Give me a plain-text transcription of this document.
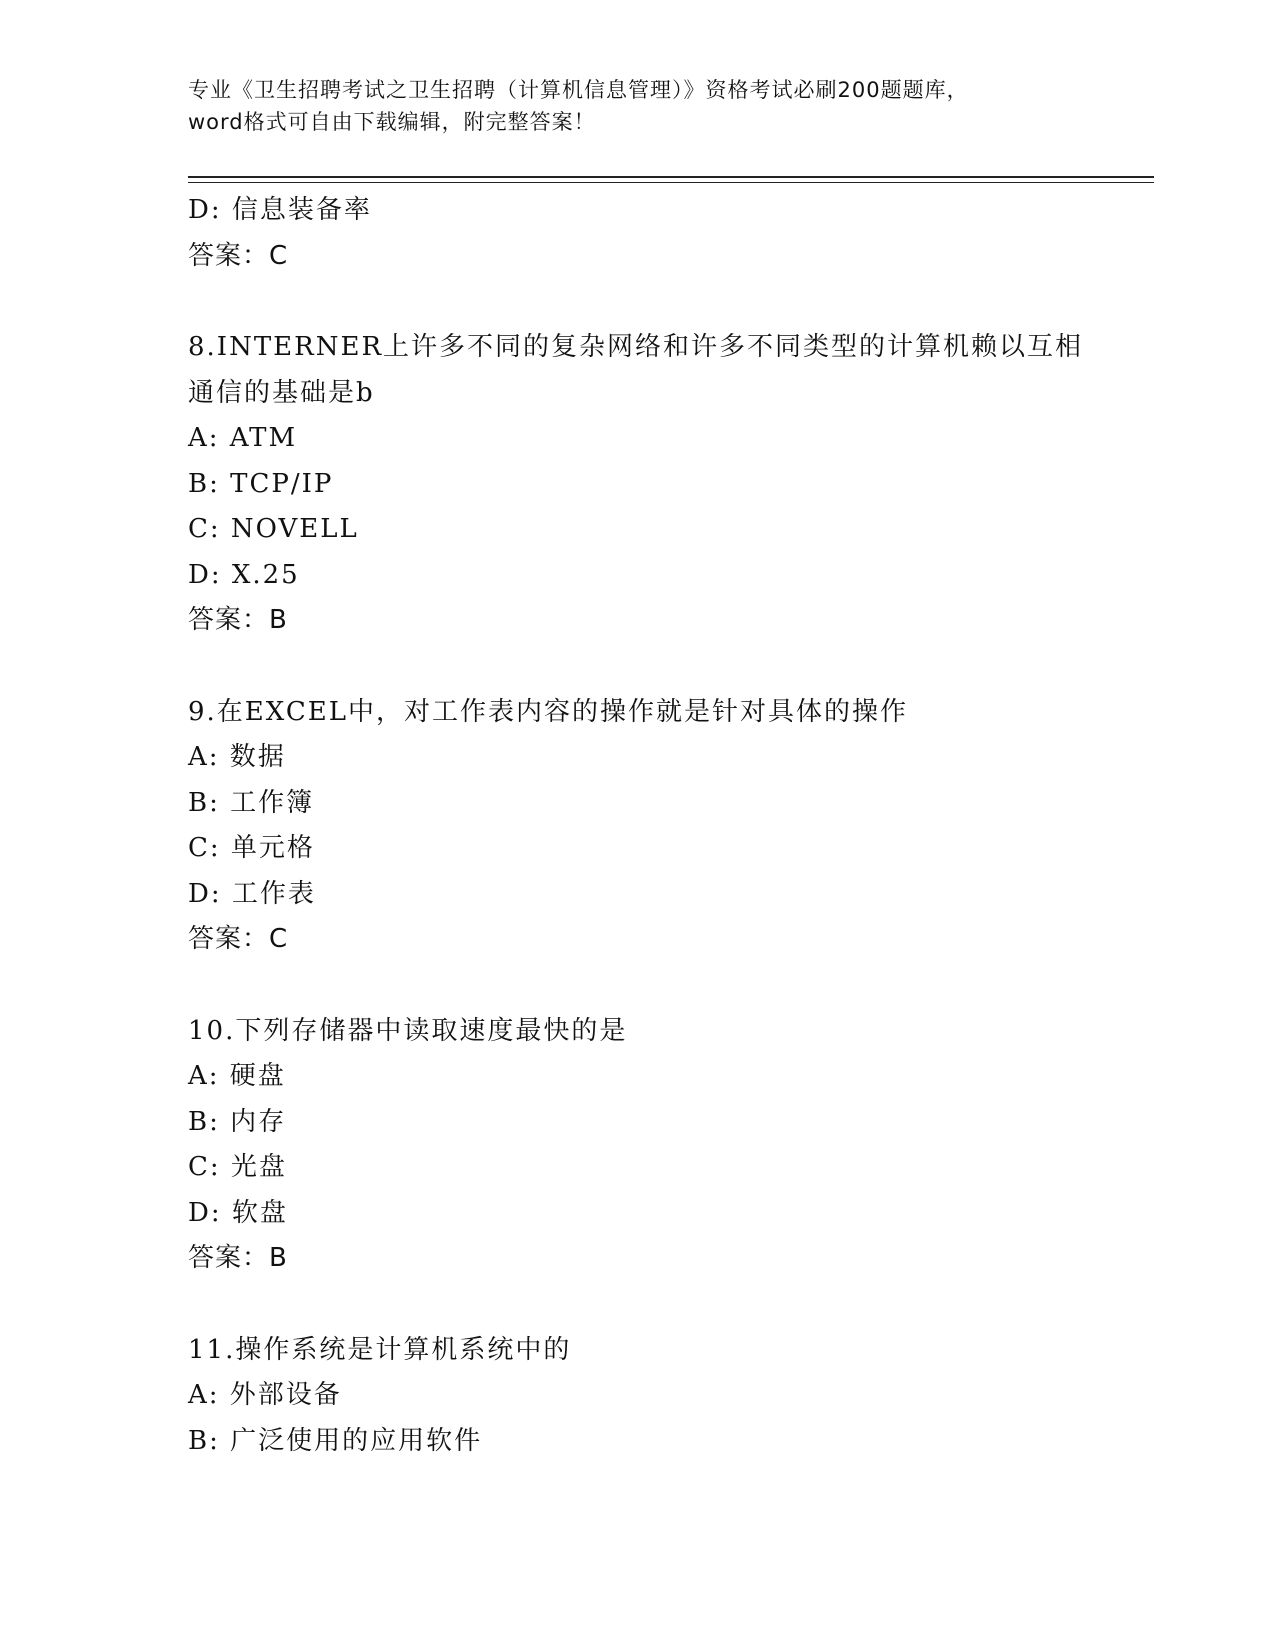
专业《卫生招聘考试之卫生招聘（计算机信息管理）》资格考试必刷200题题库，
word格式可自由下载编辑，附完整答案！
D: 信息装备率
答案：C
8.INTERNER上许多不同的复杂网络和许多不同类型的计算机赖以互相
通信的基础是b
A: ATM
B: TCP/IP
C: NOVELL
D: X.25
答案：B
9.在EXCEL中，对工作表内容的操作就是针对具体的操作
A: 数据
B: 工作簿
C: 单元格
D: 工作表
答案：C
10.下列存储器中读取速度最快的是
A: 硬盘
B: 内存
C: 光盘
D: 软盘
答案：B
11.操作系统是计算机系统中的
A: 外部设备
B: 广泛使用的应用软件
